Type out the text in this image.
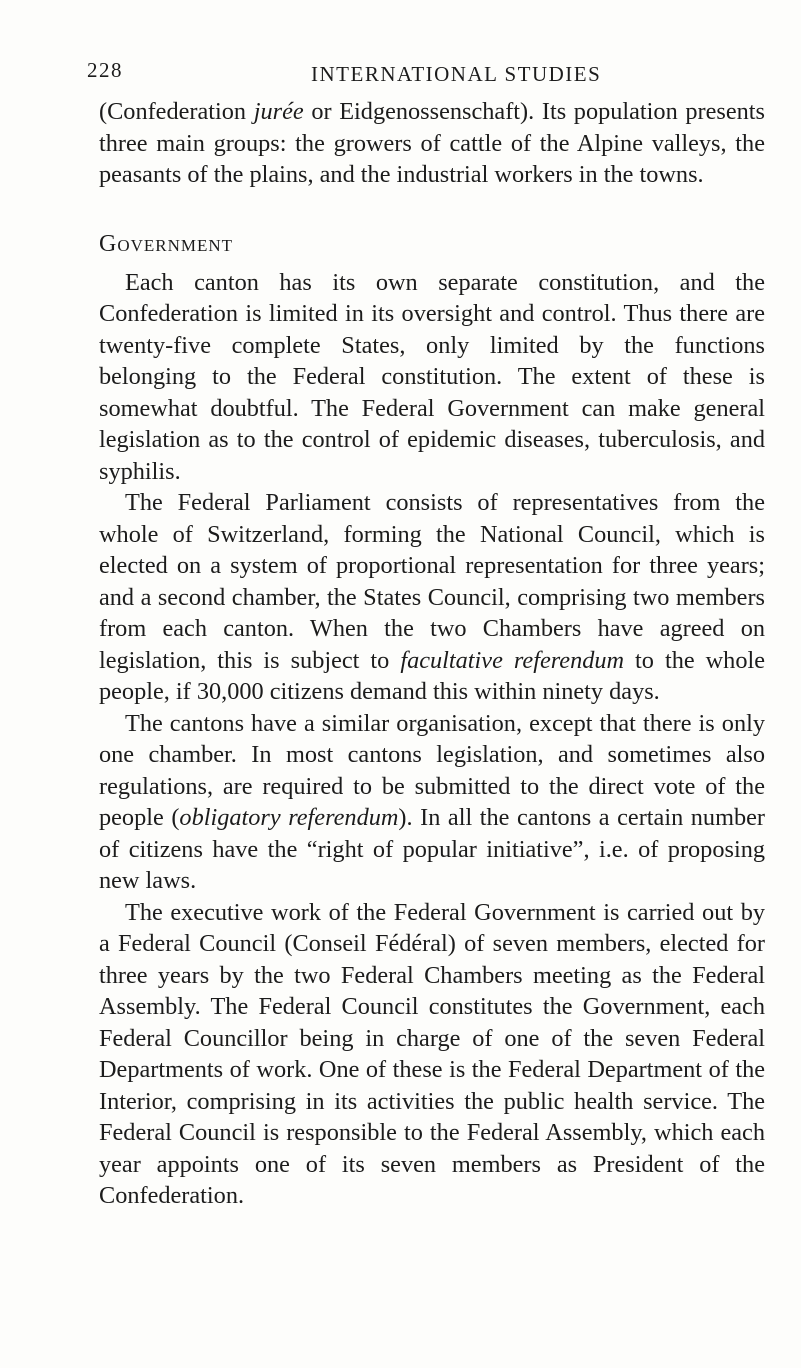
228	INTERNATIONAL STUDIES

(Confederation jurée or Eidgenossenschaft). Its population presents three main groups: the growers of cattle of the Alpine valleys, the peasants of the plains, and the industrial workers in the towns.

Government

Each canton has its own separate constitution, and the Confederation is limited in its oversight and control. Thus there are twenty-five complete States, only limited by the functions belonging to the Federal constitution. The extent of these is somewhat doubtful. The Federal Government can make general legislation as to the control of epidemic diseases, tuberculosis, and syphilis.

The Federal Parliament consists of representatives from the whole of Switzerland, forming the National Council, which is elected on a system of proportional representation for three years; and a second chamber, the States Council, comprising two members from each canton. When the two Chambers have agreed on legislation, this is subject to facultative referendum to the whole people, if 30,000 citizens demand this within ninety days.

The cantons have a similar organisation, except that there is only one chamber. In most cantons legislation, and sometimes also regulations, are required to be submitted to the direct vote of the people (obligatory referendum). In all the cantons a certain number of citizens have the “right of popular initiative”, i.e. of proposing new laws.

The executive work of the Federal Government is carried out by a Federal Council (Conseil Fédéral) of seven members, elected for three years by the two Federal Chambers meeting as the Federal Assembly. The Federal Council constitutes the Government, each Federal Councillor being in charge of one of the seven Federal Departments of work. One of these is the Federal Department of the Interior, comprising in its activities the public health service. The Federal Council is responsible to the Federal Assembly, which each year appoints one of its seven members as President of the Confederation.
